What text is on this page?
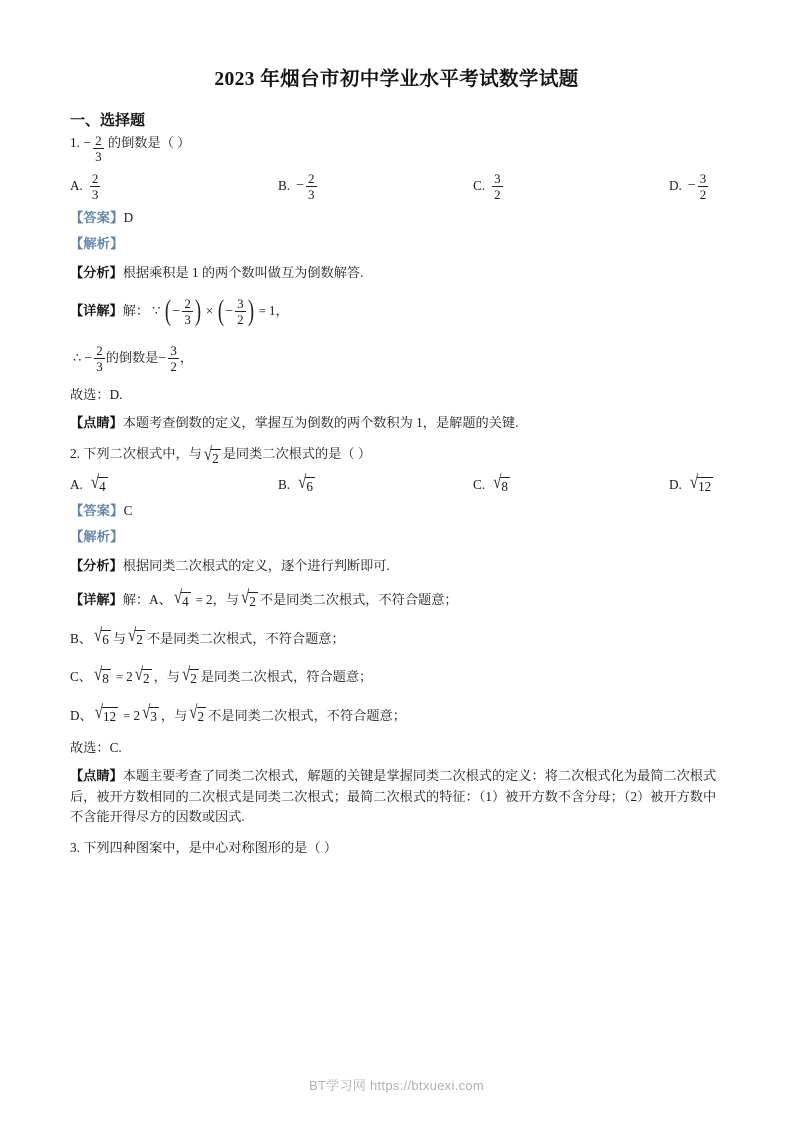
2023 年烟台市初中学业水平考试数学试题
一、选择题
1. − $\frac{2}{3}$ 的倒数是（ ）
A. $\frac{2}{3}$	B. − $\frac{2}{3}$	C. $\frac{3}{2}$	D. − $\frac{3}{2}$
【答案】D
【解析】
【分析】根据乘积是 1 的两个数叫做互为倒数解答.
【详解】 解： ∵ ( − $\frac{2}{3}$ ) × ( − $\frac{3}{2}$ ) = 1 ，
∴ − $\frac{2}{3}$ 的倒数是 − $\frac{3}{2}$ ，
故选：D.
【点睛】本题考查倒数的定义，掌握互为倒数的两个数积为 1，是解题的关键.
2. 下列二次根式中，与 √ 2 是同类二次根式的是（ ）
A. √ 4	B. √ 6	C. √ 8	D. √ 12
【答案】C
【解析】
【分析】根据同类二次根式的定义，逐个进行判断即可.
【详解】 解： A 、 √ 4 = 2 ，与 √ 2 不是同类二次根式，不符合题意；
B 、 √ 6 与 √ 2 不是同类二次根式，不符合题意；
C 、 √ 8 = 2 √ 2 ，与 √ 2 是同类二次根式，符合题意；
D 、 √ 12 = 2 √ 3 ，与 √ 2 不是同类二次根式，不符合题意；
故选：C.
【点睛】本题主要考查了同类二次根式，解题的关键是掌握同类二次根式的定义：将二次根式化为最简二次根式后，被开方数相同的二次根式是同类二次根式；最简二次根式的特征：（1）被开方数不含分母；（2）被开方数中不含能开得尽方的因数或因式.
3. 下列四种图案中，是中心对称图形的是（ ）
BT学习网 https://btxuexi.com
